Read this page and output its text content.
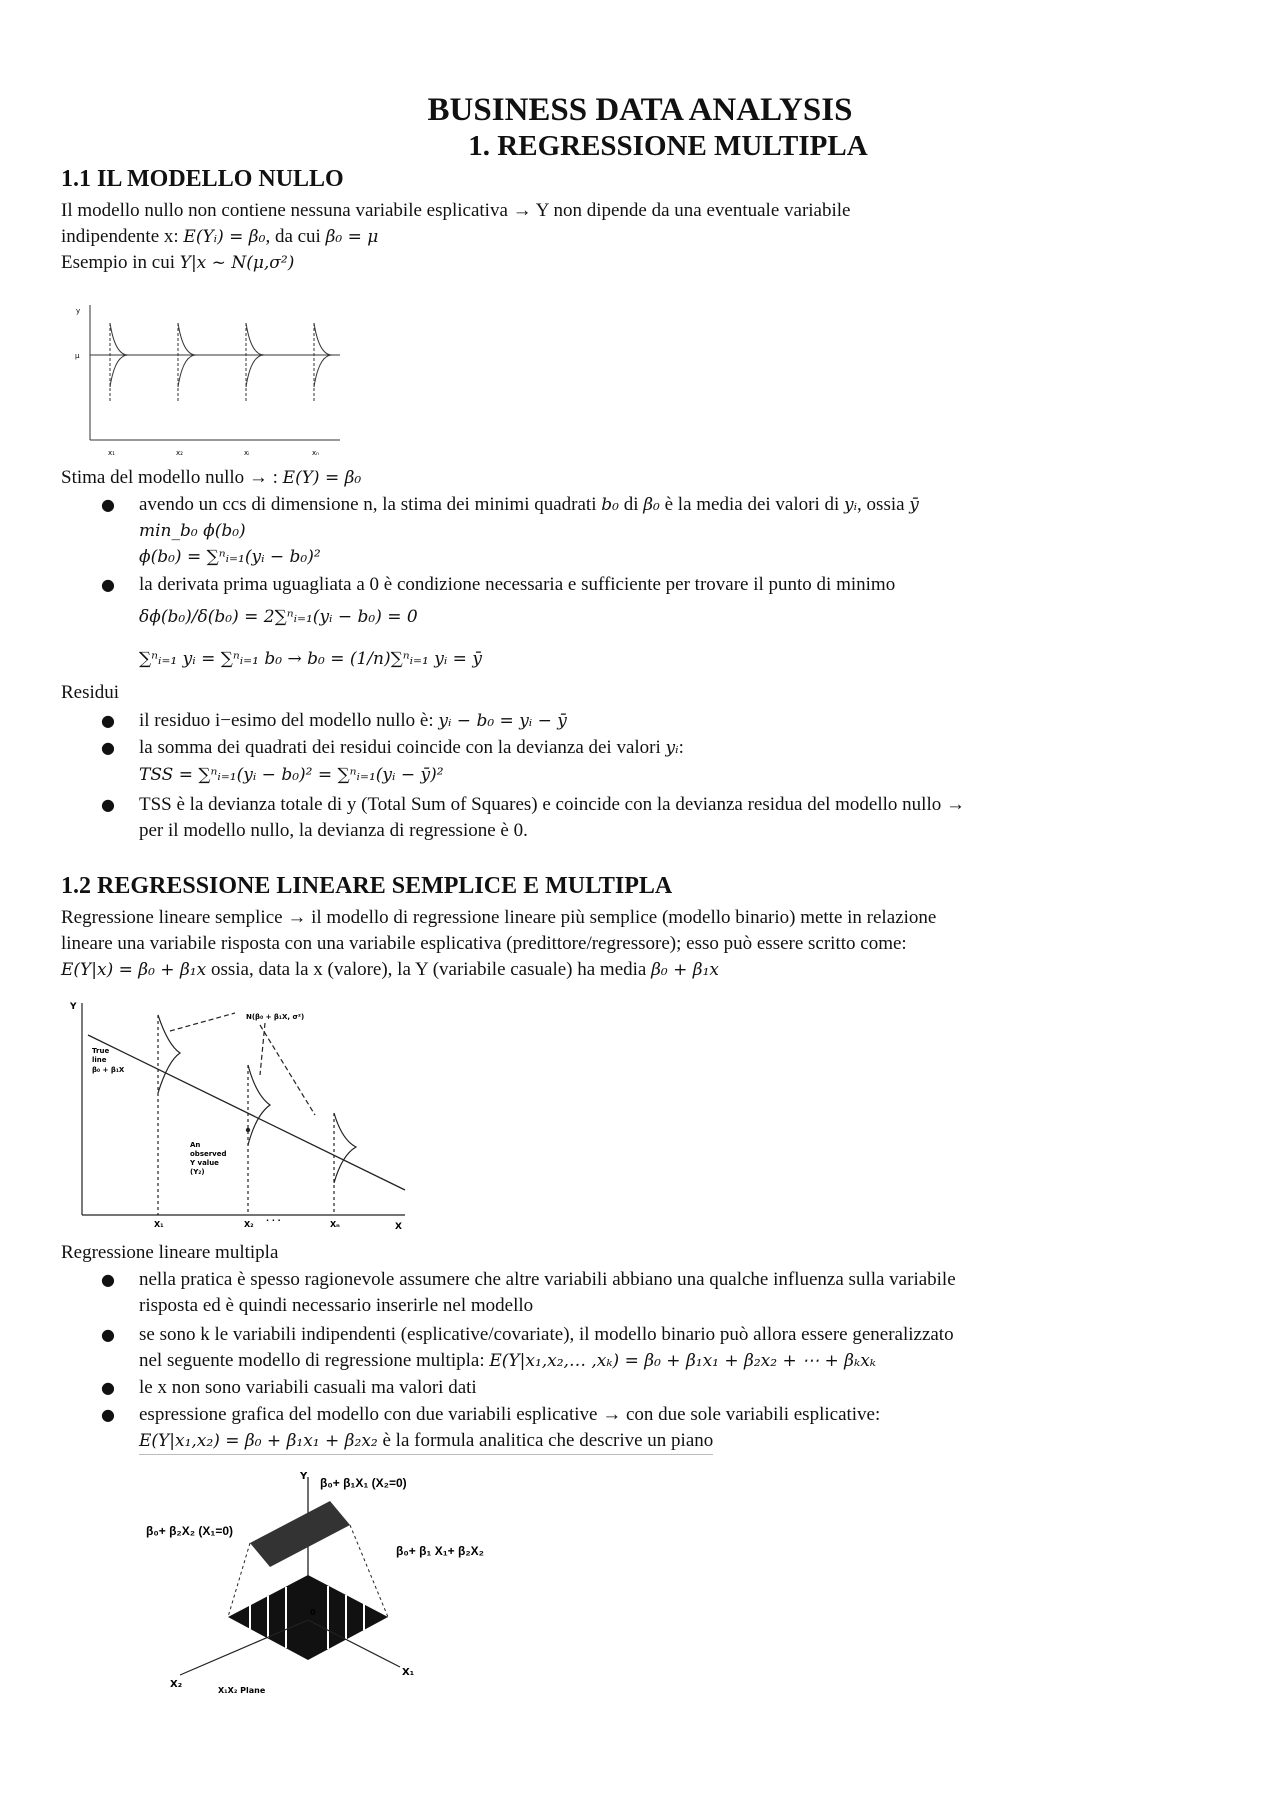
BUSINESS DATA ANALYSIS
1. REGRESSIONE MULTIPLA
1.1 IL MODELLO NULLO
Il modello nullo non contiene nessuna variabile esplicativa → Y non dipende da una eventuale variabile
indipendente x: E(Yᵢ) = β₀, da cui β₀ = μ
Esempio in cui Y|x ~ N(μ,σ²)
y
μ
x₁	x₂	xᵢ	xₙ
Stima del modello nullo → : E(Y) = β₀
● avendo un ccs di dimensione n, la stima dei minimi quadrati b₀ di β₀ è la media dei valori di yᵢ, ossia ȳ
min_b₀ ϕ(b₀)
ϕ(b₀) = ∑ⁿᵢ₌₁(yᵢ − b₀)²
● la derivata prima uguagliata a 0 è condizione necessaria e sufficiente per trovare il punto di minimo
δϕ(b₀)/δ(b₀) = 2∑ⁿᵢ₌₁(yᵢ − b₀) = 0
∑ⁿᵢ₌₁ yᵢ = ∑ⁿᵢ₌₁ b₀ → b₀ = (1/n)∑ⁿᵢ₌₁ yᵢ = ȳ
Residui
● il residuo i−esimo del modello nullo è: yᵢ − b₀ = yᵢ − ȳ
● la somma dei quadrati dei residui coincide con la devianza dei valori yᵢ:
TSS = ∑ⁿᵢ₌₁(yᵢ − b₀)² = ∑ⁿᵢ₌₁(yᵢ − ȳ)²
● TSS è la devianza totale di y (Total Sum of Squares) e coincide con la devianza residua del modello nullo →
per il modello nullo, la devianza di regressione è 0.
1.2 REGRESSIONE LINEARE SEMPLICE E MULTIPLA
Regressione lineare semplice → il modello di regressione lineare più semplice (modello binario) mette in relazione
lineare una variabile risposta con una variabile esplicativa (predittore/regressore); esso può essere scritto come:
E(Y|x) = β₀ + β₁x ossia, data la x (valore), la Y (variabile casuale) ha media β₀ + β₁x
Y
X
N(β₀ + β₁X, σ²)
True
line
β₀ + β₁X
An
observed
Y value
(Y₂)
X₁	X₂ · · ·	Xₙ
Regressione lineare multipla
● nella pratica è spesso ragionevole assumere che altre variabili abbiano una qualche influenza sulla variabile
risposta ed è quindi necessario inserirle nel modello
● se sono k le variabili indipendenti (esplicative/covariate), il modello binario può allora essere generalizzato
nel seguente modello di regressione multipla: E(Y|x₁,x₂,… ,xₖ) = β₀ + β₁x₁ + β₂x₂ + ⋯ + βₖxₖ
● le x non sono variabili casuali ma valori dati
● espressione grafica del modello con due variabili esplicative → con due sole variabili esplicative:
E(Y|x₁,x₂) = β₀ + β₁x₁ + β₂x₂ è la formula analitica che descrive un piano
Y β₀+ β₁X₁ (X₂=0)
β₀+ β₂X₂ (X₁=0)
β₀+ β₁ X₁+ β₂X₂
0
X₁
X₂
X₁X₂ Plane
